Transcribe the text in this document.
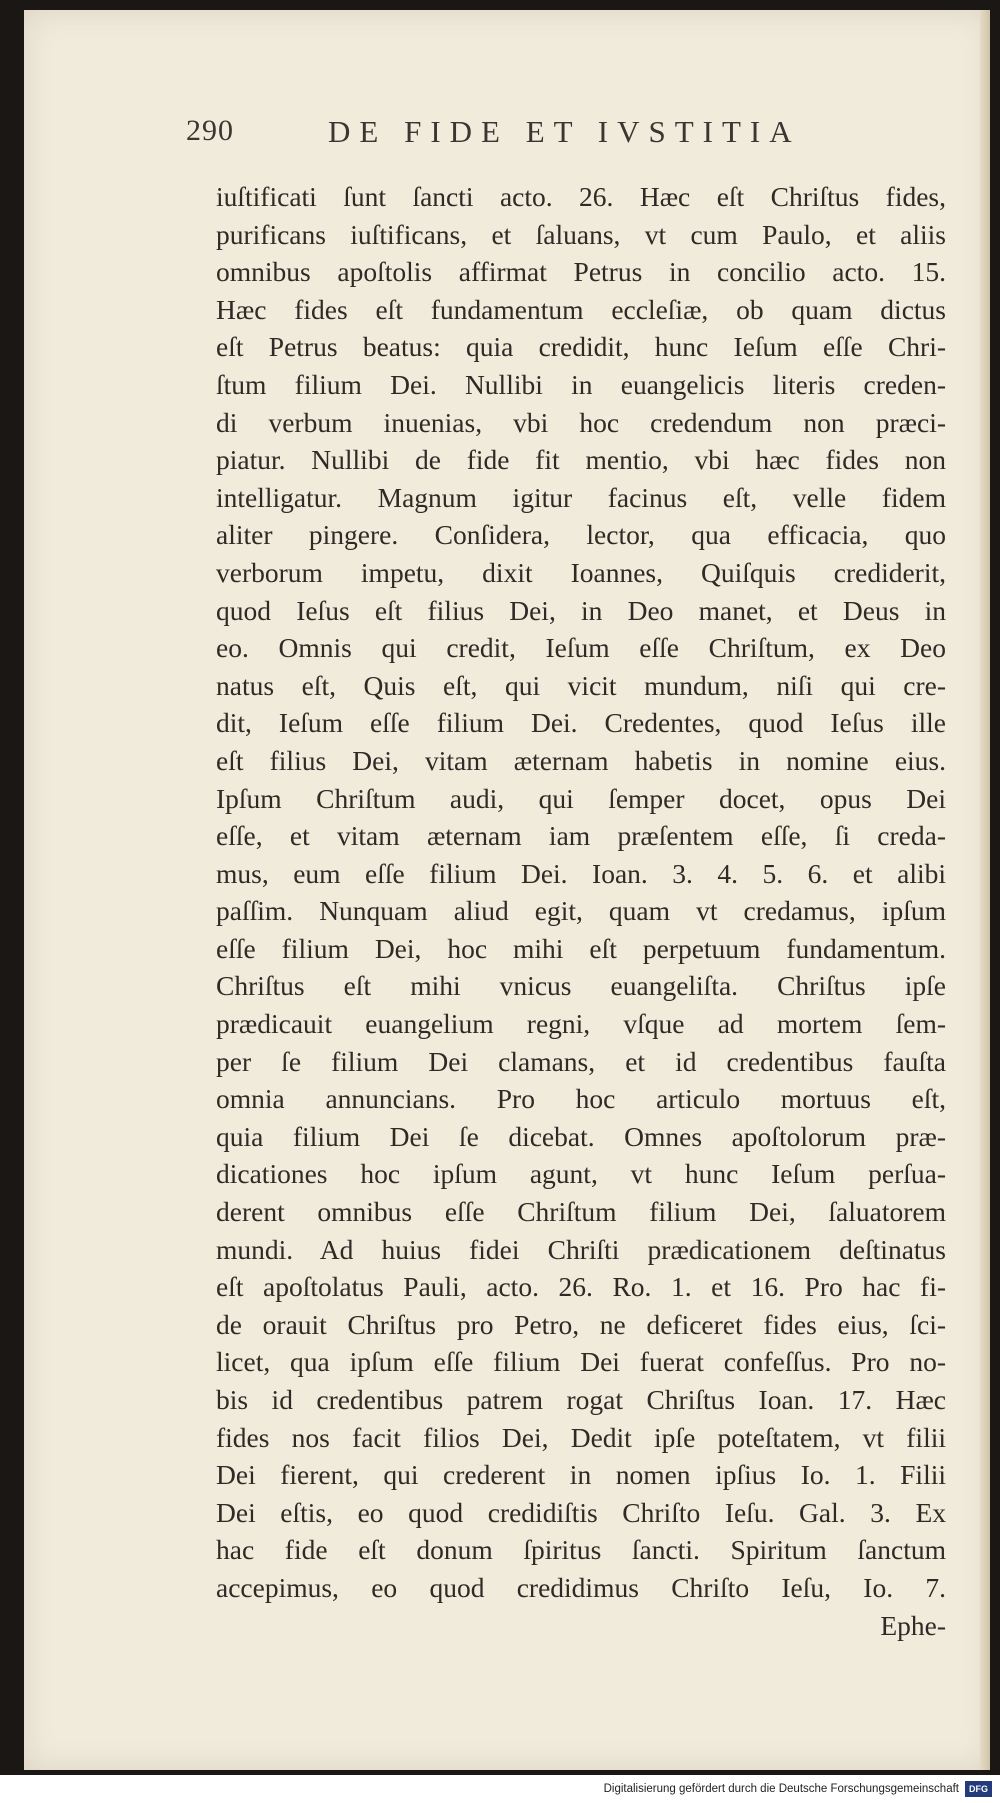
290	DE FIDE ET IVSTITIA
iuſtificati ſunt ſancti acto. 26. Hæc eſt Chriſtus fides,
purificans iuſtificans, et ſaluans, vt cum Paulo, et aliis
omnibus apoſtolis affirmat Petrus in concilio acto. 15.
Hæc fides eſt fundamentum eccleſiæ, ob quam dictus
eſt Petrus beatus: quia credidit, hunc Ieſum eſſe Chri-
ſtum filium Dei. Nullibi in euangelicis literis creden-
di verbum inuenias, vbi hoc credendum non præci-
piatur. Nullibi de fide fit mentio, vbi hæc fides non
intelligatur. Magnum igitur facinus eſt, velle fidem
aliter pingere. Conſidera, lector, qua efficacia, quo
verborum impetu, dixit Ioannes, Quiſquis crediderit,
quod Ieſus eſt filius Dei, in Deo manet, et Deus in
eo. Omnis qui credit, Ieſum eſſe Chriſtum, ex Deo
natus eſt, Quis eſt, qui vicit mundum, niſi qui cre-
dit, Ieſum eſſe filium Dei. Credentes, quod Ieſus ille
eſt filius Dei, vitam æternam habetis in nomine eius.
Ipſum Chriſtum audi, qui ſemper docet, opus Dei
eſſe, et vitam æternam iam præſentem eſſe, ſi creda-
mus, eum eſſe filium Dei. Ioan. 3. 4. 5. 6. et alibi
paſſim. Nunquam aliud egit, quam vt credamus, ipſum
eſſe filium Dei, hoc mihi eſt perpetuum fundamentum.
Chriſtus eſt mihi vnicus euangeliſta. Chriſtus ipſe
prædicauit euangelium regni, vſque ad mortem ſem-
per ſe filium Dei clamans, et id credentibus fauſta
omnia annuncians. Pro hoc articulo mortuus eſt,
quia filium Dei ſe dicebat. Omnes apoſtolorum præ-
dicationes hoc ipſum agunt, vt hunc Ieſum perſua-
derent omnibus eſſe Chriſtum filium Dei, ſaluatorem
mundi. Ad huius fidei Chriſti prædicationem deſtinatus
eſt apoſtolatus Pauli, acto. 26. Ro. 1. et 16. Pro hac fi-
de orauit Chriſtus pro Petro, ne deficeret fides eius, ſci-
licet, qua ipſum eſſe filium Dei fuerat confeſſus. Pro no-
bis id credentibus patrem rogat Chriſtus Ioan. 17. Hæc
fides nos facit filios Dei, Dedit ipſe poteſtatem, vt filii
Dei fierent, qui crederent in nomen ipſius Io. 1. Filii
Dei eſtis, eo quod credidiſtis Chriſto Ieſu. Gal. 3. Ex
hac fide eſt donum ſpiritus ſancti. Spiritum ſanctum
accepimus, eo quod credidimus Chriſto Ieſu, Io. 7.
Ephe-
Digitalisierung gefördert durch die Deutsche Forschungsgemeinschaft	DFG
